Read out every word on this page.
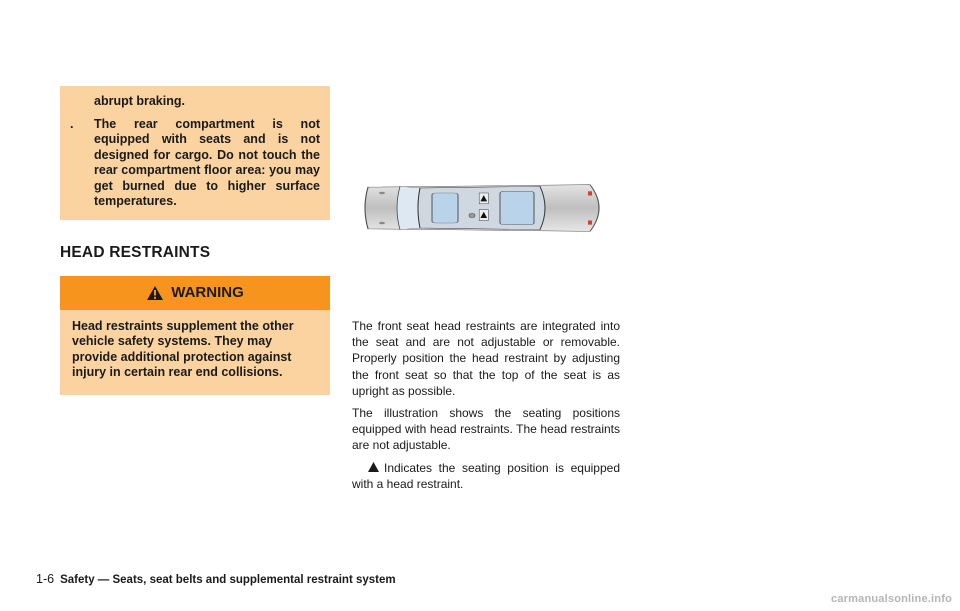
abrupt braking.
.	The rear compartment is not equipped with seats and is not designed for cargo. Do not touch the rear compartment floor area: you may get burned due to higher surface temperatures.
HEAD RESTRAINTS
WARNING
Head restraints supplement the other vehicle safety systems. They may provide additional protection against injury in certain rear end collisions.

The front seat head restraints are integrated into the seat and are not adjustable or removable. Properly position the head restraint by adjusting the front seat so that the top of the seat is as upright as possible.

The illustration shows the seating positions equipped with head restraints. The head restraints are not adjustable.

Indicates the seating position is equipped with a head restraint.

1-6 Safety — Seats, seat belts and supplemental restraint system
carmanualsonline.info
